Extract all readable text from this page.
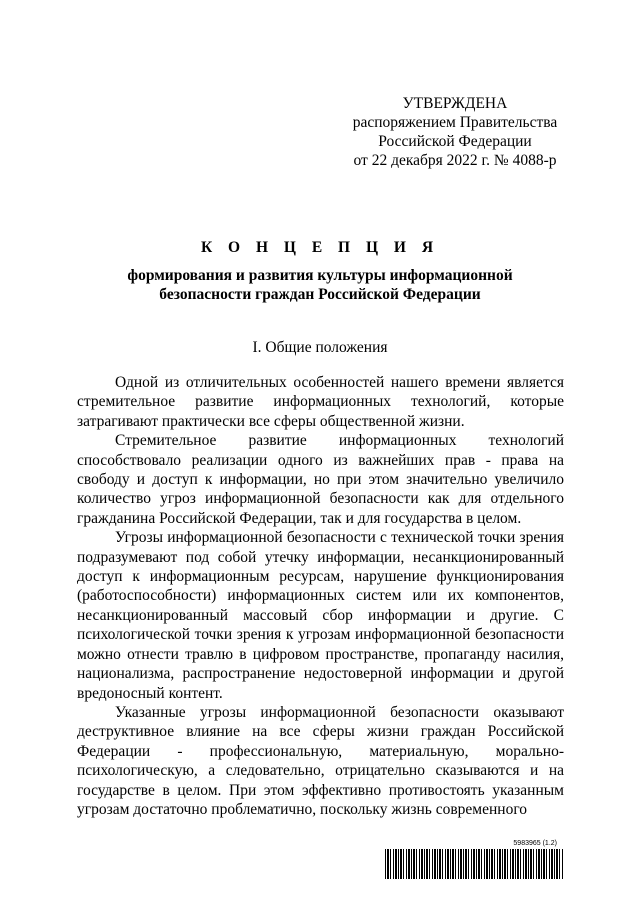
УТВЕРЖДЕНА
распоряжением Правительства
Российской Федерации
от 22 декабря 2022 г. № 4088-р
К О Н Ц Е П Ц И Я
формирования и развития культуры информационной
безопасности граждан Российской Федерации
I. Общие положения

Одной из отличительных особенностей нашего времени является стремительное развитие информационных технологий, которые затрагивают практически все сферы общественной жизни.

Стремительное развитие информационных технологий способствовало реализации одного из важнейших прав - права на свободу и доступ к информации, но при этом значительно увеличило количество угроз информационной безопасности как для отдельного гражданина Российской Федерации, так и для государства в целом.

Угрозы информационной безопасности с технической точки зрения подразумевают под собой утечку информации, несанкционированный доступ к информационным ресурсам, нарушение функционирования (работоспособности) информационных систем или их компонентов, несанкционированный массовый сбор информации и другие. С психологической точки зрения к угрозам информационной безопасности можно отнести травлю в цифровом пространстве, пропаганду насилия, национализма, распространение недостоверной информации и другой вредоносный контент.

Указанные угрозы информационной безопасности оказывают деструктивное влияние на все сферы жизни граждан Российской Федерации - профессиональную, материальную, морально-психологическую, а следовательно, отрицательно сказываются и на государстве в целом. При этом эффективно противостоять указанным угрозам достаточно проблематично, поскольку жизнь современного

5983965 (1.2)
